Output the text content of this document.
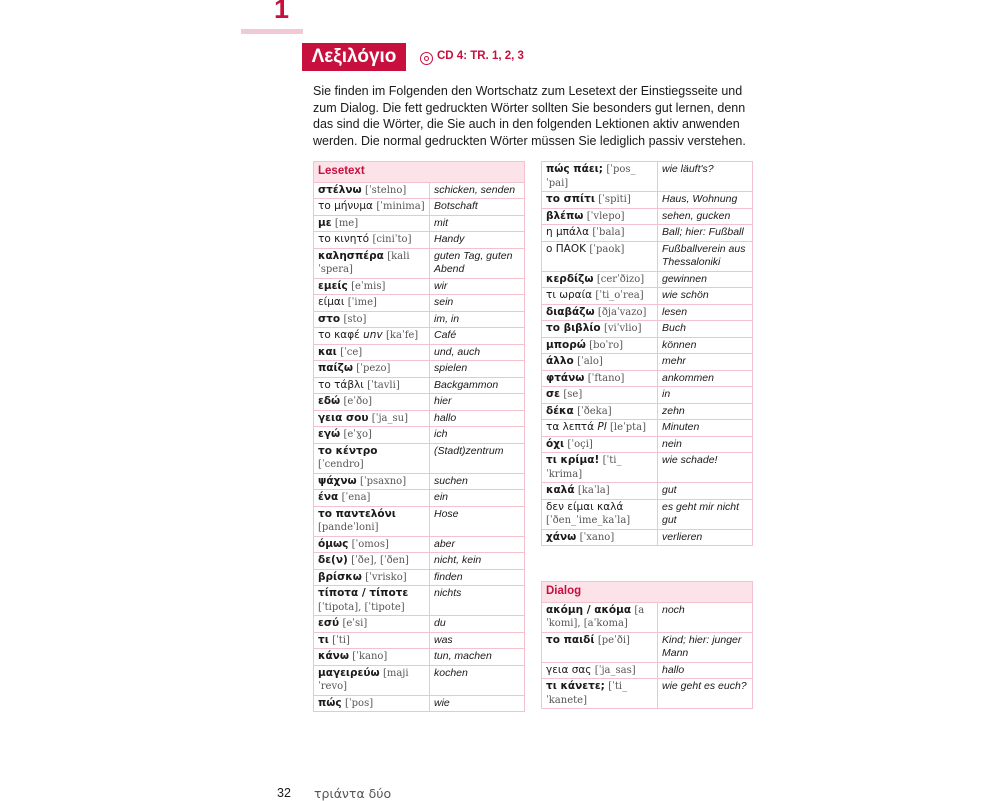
1
Λεξιλόγιο	CD 4: TR. 1, 2, 3

Sie finden im Folgenden den Wortschatz zum Lesetext der Einstiegsseite und zum Dialog. Die fett gedruckten Wörter sollten Sie besonders gut lernen, denn das sind die Wörter, die Sie auch in den folgenden Lektionen aktiv anwenden werden. Die normal gedruckten Wörter müssen Sie lediglich passiv verstehen.

Lesetext	
στέλνω [ˈstelno]	schicken, senden
το μήνυμα [ˈminima]	Botschaft
με [me]	mit
το κινητό [ciniˈto]	Handy
καλησπέρα [kaliˈspera]	guten Tag, guten Abend
εμείς [eˈmis]	wir
είμαι [ˈime]	sein
στο [sto]	im, in
το καφέ unv [kaˈfe]	Café
και [ˈce]	und, auch
παίζω [ˈpezo]	spielen
το τάβλι [ˈtavli]	Backgammon
εδώ [eˈðo]	hier
γεια σου [ˈja_su]	hallo
εγώ [eˈɣo]	ich
το κέντρο [ˈcendro]	(Stadt)zentrum
ψάχνω [ˈpsaxno]	suchen
ένα [ˈena]	ein
το παντελόνι [pandeˈloni]	Hose
όμως [ˈomos]	aber
δε(ν) [ˈðe], [ˈðen]	nicht, kein
βρίσκω [ˈvrisko]	finden
τίποτα / τίποτε [ˈtipota], [ˈtipote]	nichts
εσύ [eˈsi]	du
τι [ˈti]	was
κάνω [ˈkano]	tun, machen
μαγειρεύω [majiˈrevo]	kochen
πώς [ˈpos]	wie
πώς πάει; [ˈpos_ˈpai]	wie läuft's?
το σπίτι [ˈspiti]	Haus, Wohnung
βλέπω [ˈvlepo]	sehen, gucken
η μπάλα [ˈbala]	Ball; hier: Fußball
ο ΠΑΟΚ [ˈpaok]	Fußballverein aus Thessaloniki
κερδίζω [cerˈðizo]	gewinnen
τι ωραία [ˈti_oˈrea]	wie schön
διαβάζω [ðjaˈvazo]	lesen
το βιβλίο [viˈvlio]	Buch
μπορώ [boˈro]	können
άλλο [ˈalo]	mehr
φτάνω [ˈftano]	ankommen
σε [se]	in
δέκα [ˈðeka]	zehn
τα λεπτά Pl [leˈpta]	Minuten
όχι [ˈoçi]	nein
τι κρίμα! [ˈti_ˈkrima]	wie schade!
καλά [kaˈla]	gut
δεν είμαι καλά [ˈðen_ˈime_kaˈla]	es geht mir nicht gut
χάνω [ˈxano]	verlieren
Dialog	
ακόμη / ακόμα [aˈkomi], [aˈkoma]	noch
το παιδί [peˈði]	Kind; hier: junger Mann
γεια σας [ˈja_sas]	hallo
τι κάνετε; [ˈti_ˈkanete]	wie geht es euch?
32 τριάντα δύο
